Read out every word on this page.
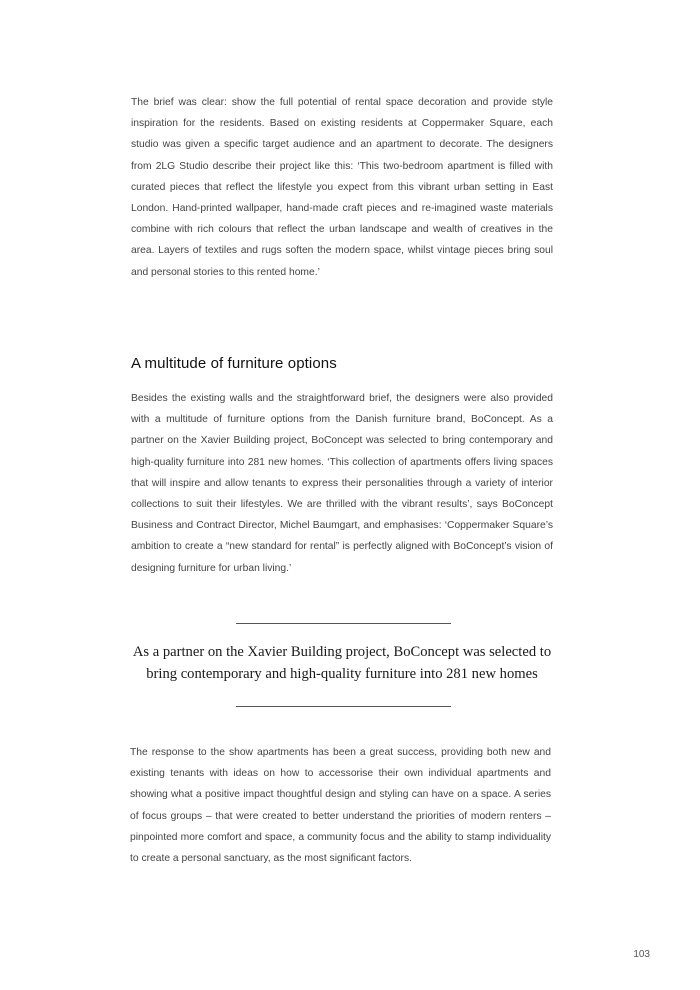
The brief was clear: show the full potential of rental space decoration and provide style inspiration for the residents. Based on existing residents at Coppermaker Square, each studio was given a specific target audience and an apartment to decorate. The designers from 2LG Studio describe their project like this: ‘This two-bedroom apartment is filled with curated pieces that reflect the lifestyle you expect from this vibrant urban setting in East London. Hand-printed wallpaper, hand-made craft pieces and re-imagined waste materials combine with rich colours that reflect the urban landscape and wealth of creatives in the area. Layers of textiles and rugs soften the modern space, whilst vintage pieces bring soul and personal stories to this rented home.’

A multitude of furniture options

Besides the existing walls and the straightforward brief, the designers were also provided with a multitude of furniture options from the Danish furniture brand, BoConcept. As a partner on the Xavier Building project, BoConcept was selected to bring contemporary and high-quality furniture into 281 new homes. ‘This collection of apartments offers living spaces that will inspire and allow tenants to express their personalities through a variety of interior collections to suit their lifestyles. We are thrilled with the vibrant results’, says BoConcept Business and Contract Director, Michel Baumgart, and emphasises: ‘Coppermaker Square’s ambition to create a “new standard for rental” is perfectly aligned with BoConcept’s vision of designing furniture for urban living.’

As a partner on the Xavier Building project, BoConcept was selected to bring contemporary and high-quality furniture into 281 new homes

The response to the show apartments has been a great success, providing both new and existing tenants with ideas on how to accessorise their own individual apartments and showing what a positive impact thoughtful design and styling can have on a space. A series of focus groups – that were created to better understand the priorities of modern renters – pinpointed more comfort and space, a community focus and the ability to stamp individuality to create a personal sanctuary, as the most significant factors.

103
